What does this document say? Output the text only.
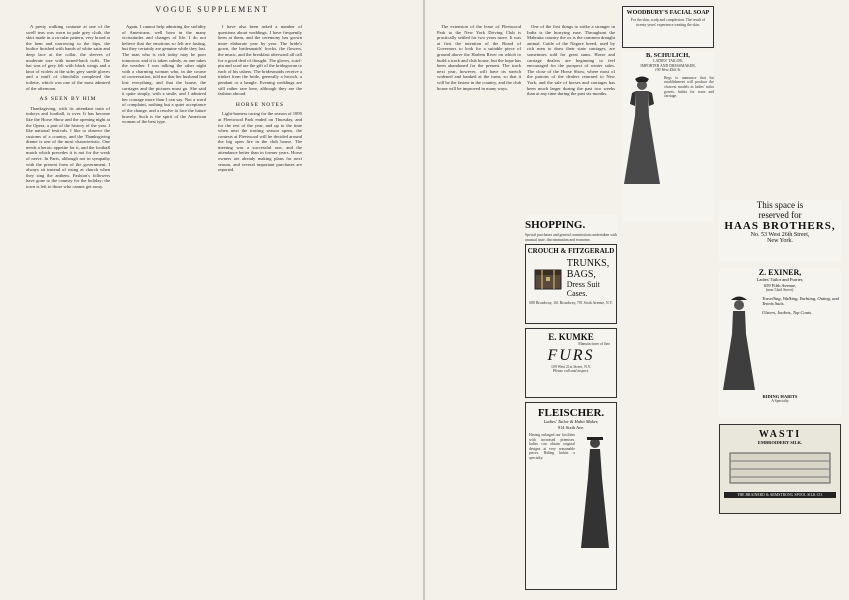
VOGUE SUPPLEMENT

A pretty walking costume at one of the swell teas was worn in pale grey cloth, the skirt made in a circular pattern, very broad at the hem and narrowing to the hips, the bodice finished with bands of white satin and deep lace at the collar, the sleeves of moderate size with turned-back cuffs. The hat was of grey felt with black wings and a knot of violets at the side; grey suede gloves and a muff of chinchilla completed the toilette, which was one of the most admired of the afternoon.

AS SEEN BY HIM

Thanksgiving, with its attendant train of turkeys and football, is over. It has become like the Horse Show and the opening night at the Opera, a part of the history of the year. I like national festivals. I like to observe the customs of a country, and the Thanksgiving dinner is one of the most characteristic. One needs a heroic appetite for it, and the football match which precedes it is not for the weak of nerve. In Paris, although not in sympathy with the present form of the government, I always sit instead of rising at church when they sing the anthem. Fashion's followers have gone to the country for the holiday; the town is left to those who cannot get away.

Again, I cannot help admiring the stolidity of Americans, well born in the many vicissitudes and changes of life. I do not believe that the emotions so felt are lasting, but they certainly are genuine while they last. The man who is rich today may be poor tomorrow and it is taken calmly, as one takes the weather. I was talking the other night with a charming woman who, in the course of conversation, told me that her husband had lost everything, and that the house, the carriages and the pictures must go. She said it quite simply, with a smile, and I admired her courage more than I can say. Not a word of complaint, nothing but a quiet acceptance of the change, and a resolve to face the future bravely. Such is the spirit of the American woman of the best type.

I have also been asked a number of questions about weddings. I have frequently been at them, and the ceremony has grown more elaborate year by year. The bride's gown, the bridesmaids' frocks, the flowers, the music, and the breakfast afterward all call for a good deal of thought. The gloves, scarf-pin and scarf are the gift of the bridegroom to each of his ushers. The bridesmaids receive a trinket from the bride, generally a brooch, a pendant or a bangle. Evening weddings are still rather rare here, although they are the fashion abroad.

HORSE NOTES

Light-harness racing for the season of 1895 at Fleetwood Park ended on Thursday, and for the rest of the year, and up to the time when next the trotting season opens, the contests at Fleetwood will be decided around the big open fire in the club house. The meeting was a successful one, and the attendance better than in former years. Horse owners are already making plans for next season, and several important purchases are reported.

The extension of the lease of Fleetwood Park to the New York Driving Club is practically settled for two years more. It was at first the intention of the Board of Governors to look for a suitable piece of ground above the Harlem River on which to build a track and club house, but the hope has been abandoned for the present. The track next year, however, will have its stretch widened and banked at the turns, so that it will be the fastest in the country, and the club house will be improved in many ways.

One of the first things to strike a stranger in India is the hurrying ease. Throughout the Mahratta country the ox is the common draught animal. Cattle of the Nagore breed, used by rich men to draw their state carriages, are sometimes sold for great sums. Horse and carriage dealers are beginning to feel encouraged for the prospect of winter sales. The close of the Horse Show, where most of the patrons of the dealers returned to New York, and the sale of horses and carriages has been much larger during the past two weeks than at any time during the past six months.

SHOPPING.
Special purchases and general commissions undertaken with unusual taste, discrimination and economy.
CROUCH & FITZGERALD
TRUNKS,
BAGS,
Dress Suit
Cases.
688 Broadway, 161 Broadway, 701 Sixth Avenue, N.Y.
E. KUMKE
Manufacturer of fine
FURS
109 West 21st Street, N.Y.
Please call and inspect.
FLEISCHER.
Ladies' Tailor & Habit Maker,
914 Sixth Ave.
Having enlarged our facilities with increased premises, ladies can obtain original designs at very reasonable prices. Riding habits a specialty.
WOODBURY'S FACIAL SOAP
For the skin, scalp and complexion. The result of twenty years' experience treating the skin.
B. SCHULICH,
LADIES' TAILOR,
IMPORTER AND DRESSMAKER,
190 West 45th St.
Begs to announce that his establishment will produce the choicest models in ladies' tailor gowns, habits for town and carriage.
This space is
reserved for
HAAS BROTHERS,
No. 53 West 26th Street,
New York.
Z. EXINER,
Ladies' Tailor and Furrier,
659 Fifth Avenue,
(near 52nd Street).
Travelling, Walking, Yachting, Outing, and Tennis Suits.
Ulsters, Jackets, Top Coats.
RIDING HABITS
A Specialty
WASTI
EMBROIDERY SILK.
THE BRAINERD & ARMSTRONG SPOOL SILK CO.
